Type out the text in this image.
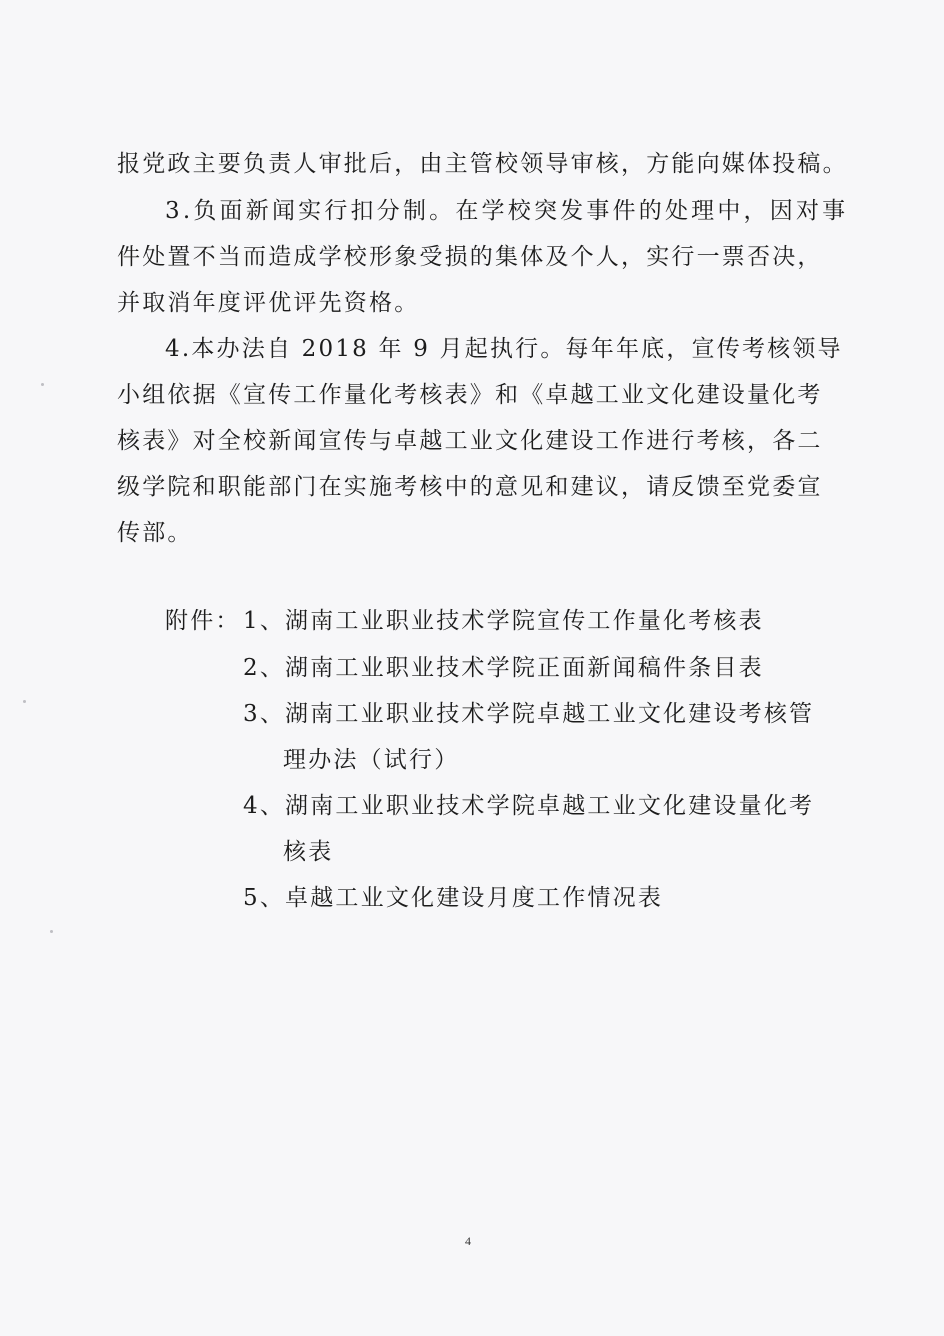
报党政主要负责人审批后，由主管校领导审核，方能向媒体投稿。
3.负面新闻实行扣分制。在学校突发事件的处理中，因对事
件处置不当而造成学校形象受损的集体及个人，实行一票否决，
并取消年度评优评先资格。
4.本办法自 2018 年 9 月起执行。每年年底，宣传考核领导
小组依据《宣传工作量化考核表》和《卓越工业文化建设量化考
核表》对全校新闻宣传与卓越工业文化建设工作进行考核，各二
级学院和职能部门在实施考核中的意见和建议，请反馈至党委宣
传部。
附件： 1、湖南工业职业技术学院宣传工作量化考核表
2、湖南工业职业技术学院正面新闻稿件条目表
3、湖南工业职业技术学院卓越工业文化建设考核管
理办法（试行）
4、湖南工业职业技术学院卓越工业文化建设量化考
核表
5、卓越工业文化建设月度工作情况表
4
